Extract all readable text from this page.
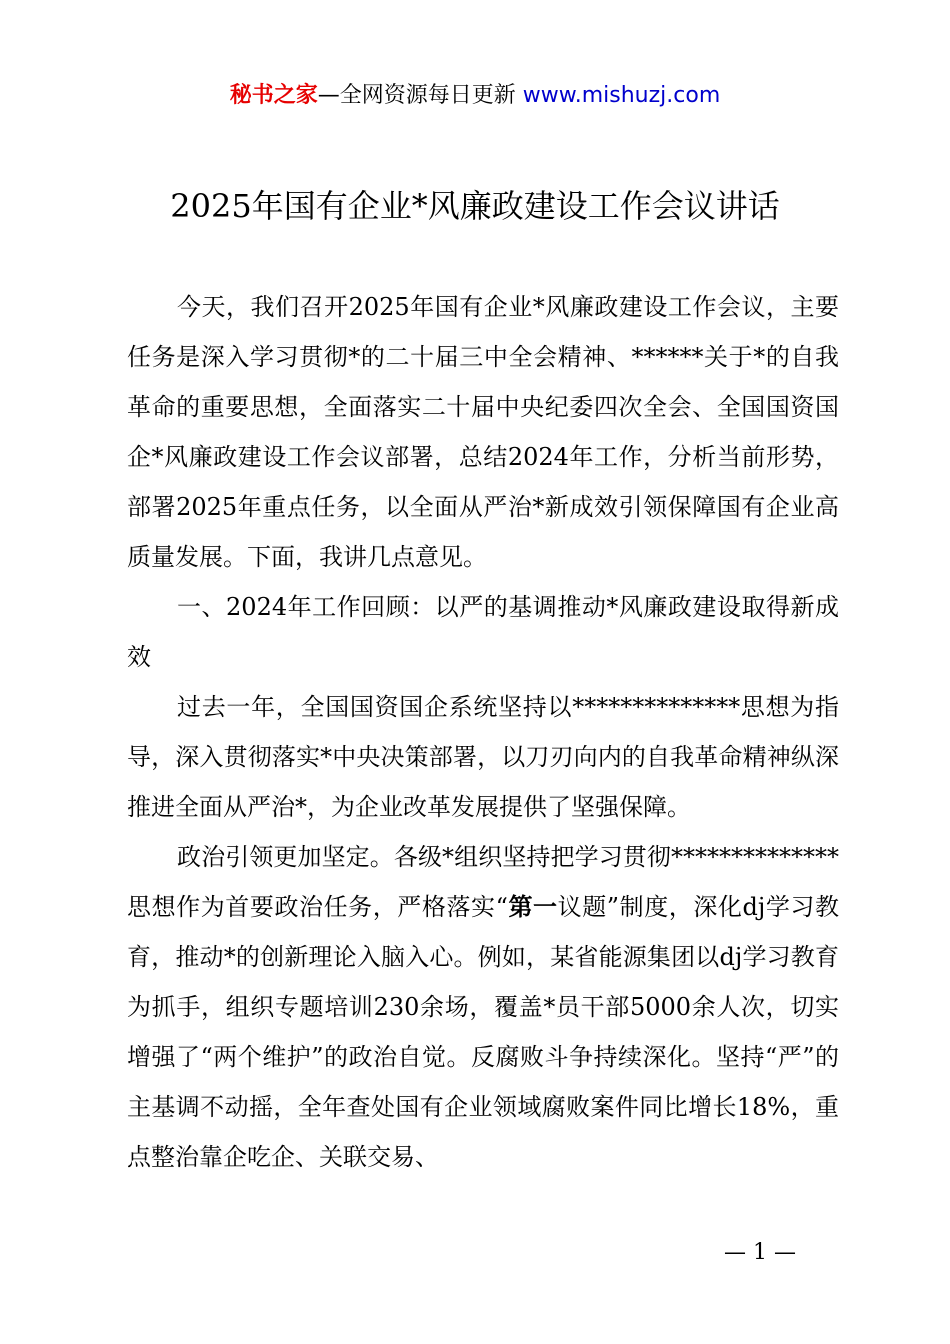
秘书之家—全网资源每日更新 www.mishuzj.com
2025年国有企业*风廉政建设工作会议讲话

今天，我们召开2025年国有企业*风廉政建设工作会议，主要任务是深入学习贯彻*的二十届三中全会精神、******关于*的自我革命的重要思想，全面落实二十届中央纪委四次全会、全国国资国企*风廉政建设工作会议部署，总结2024年工作，分析当前形势，部署2025年重点任务，以全面从严治*新成效引领保障国有企业高质量发展。下面，我讲几点意见。

一、2024年工作回顾：以严的基调推动*风廉政建设取得新成效

过去一年，全国国资国企系统坚持以**************思想为指导，深入贯彻落实*中央决策部署，以刀刃向内的自我革命精神纵深推进全面从严治*，为企业改革发展提供了坚强保障。

政治引领更加坚定。各级*组织坚持把学习贯彻**************思想作为首要政治任务，严格落实“第一议题”制度，深化dj学习教育，推动*的创新理论入脑入心。例如，某省能源集团以dj学习教育为抓手，组织专题培训230余场，覆盖*员干部5000余人次，切实增强了“两个维护”的政治自觉。反腐败斗争持续深化。坚持“严”的主基调不动摇，全年查处国有企业领域腐败案件同比增长18%，重点整治靠企吃企、关联交易、

— 1 —
